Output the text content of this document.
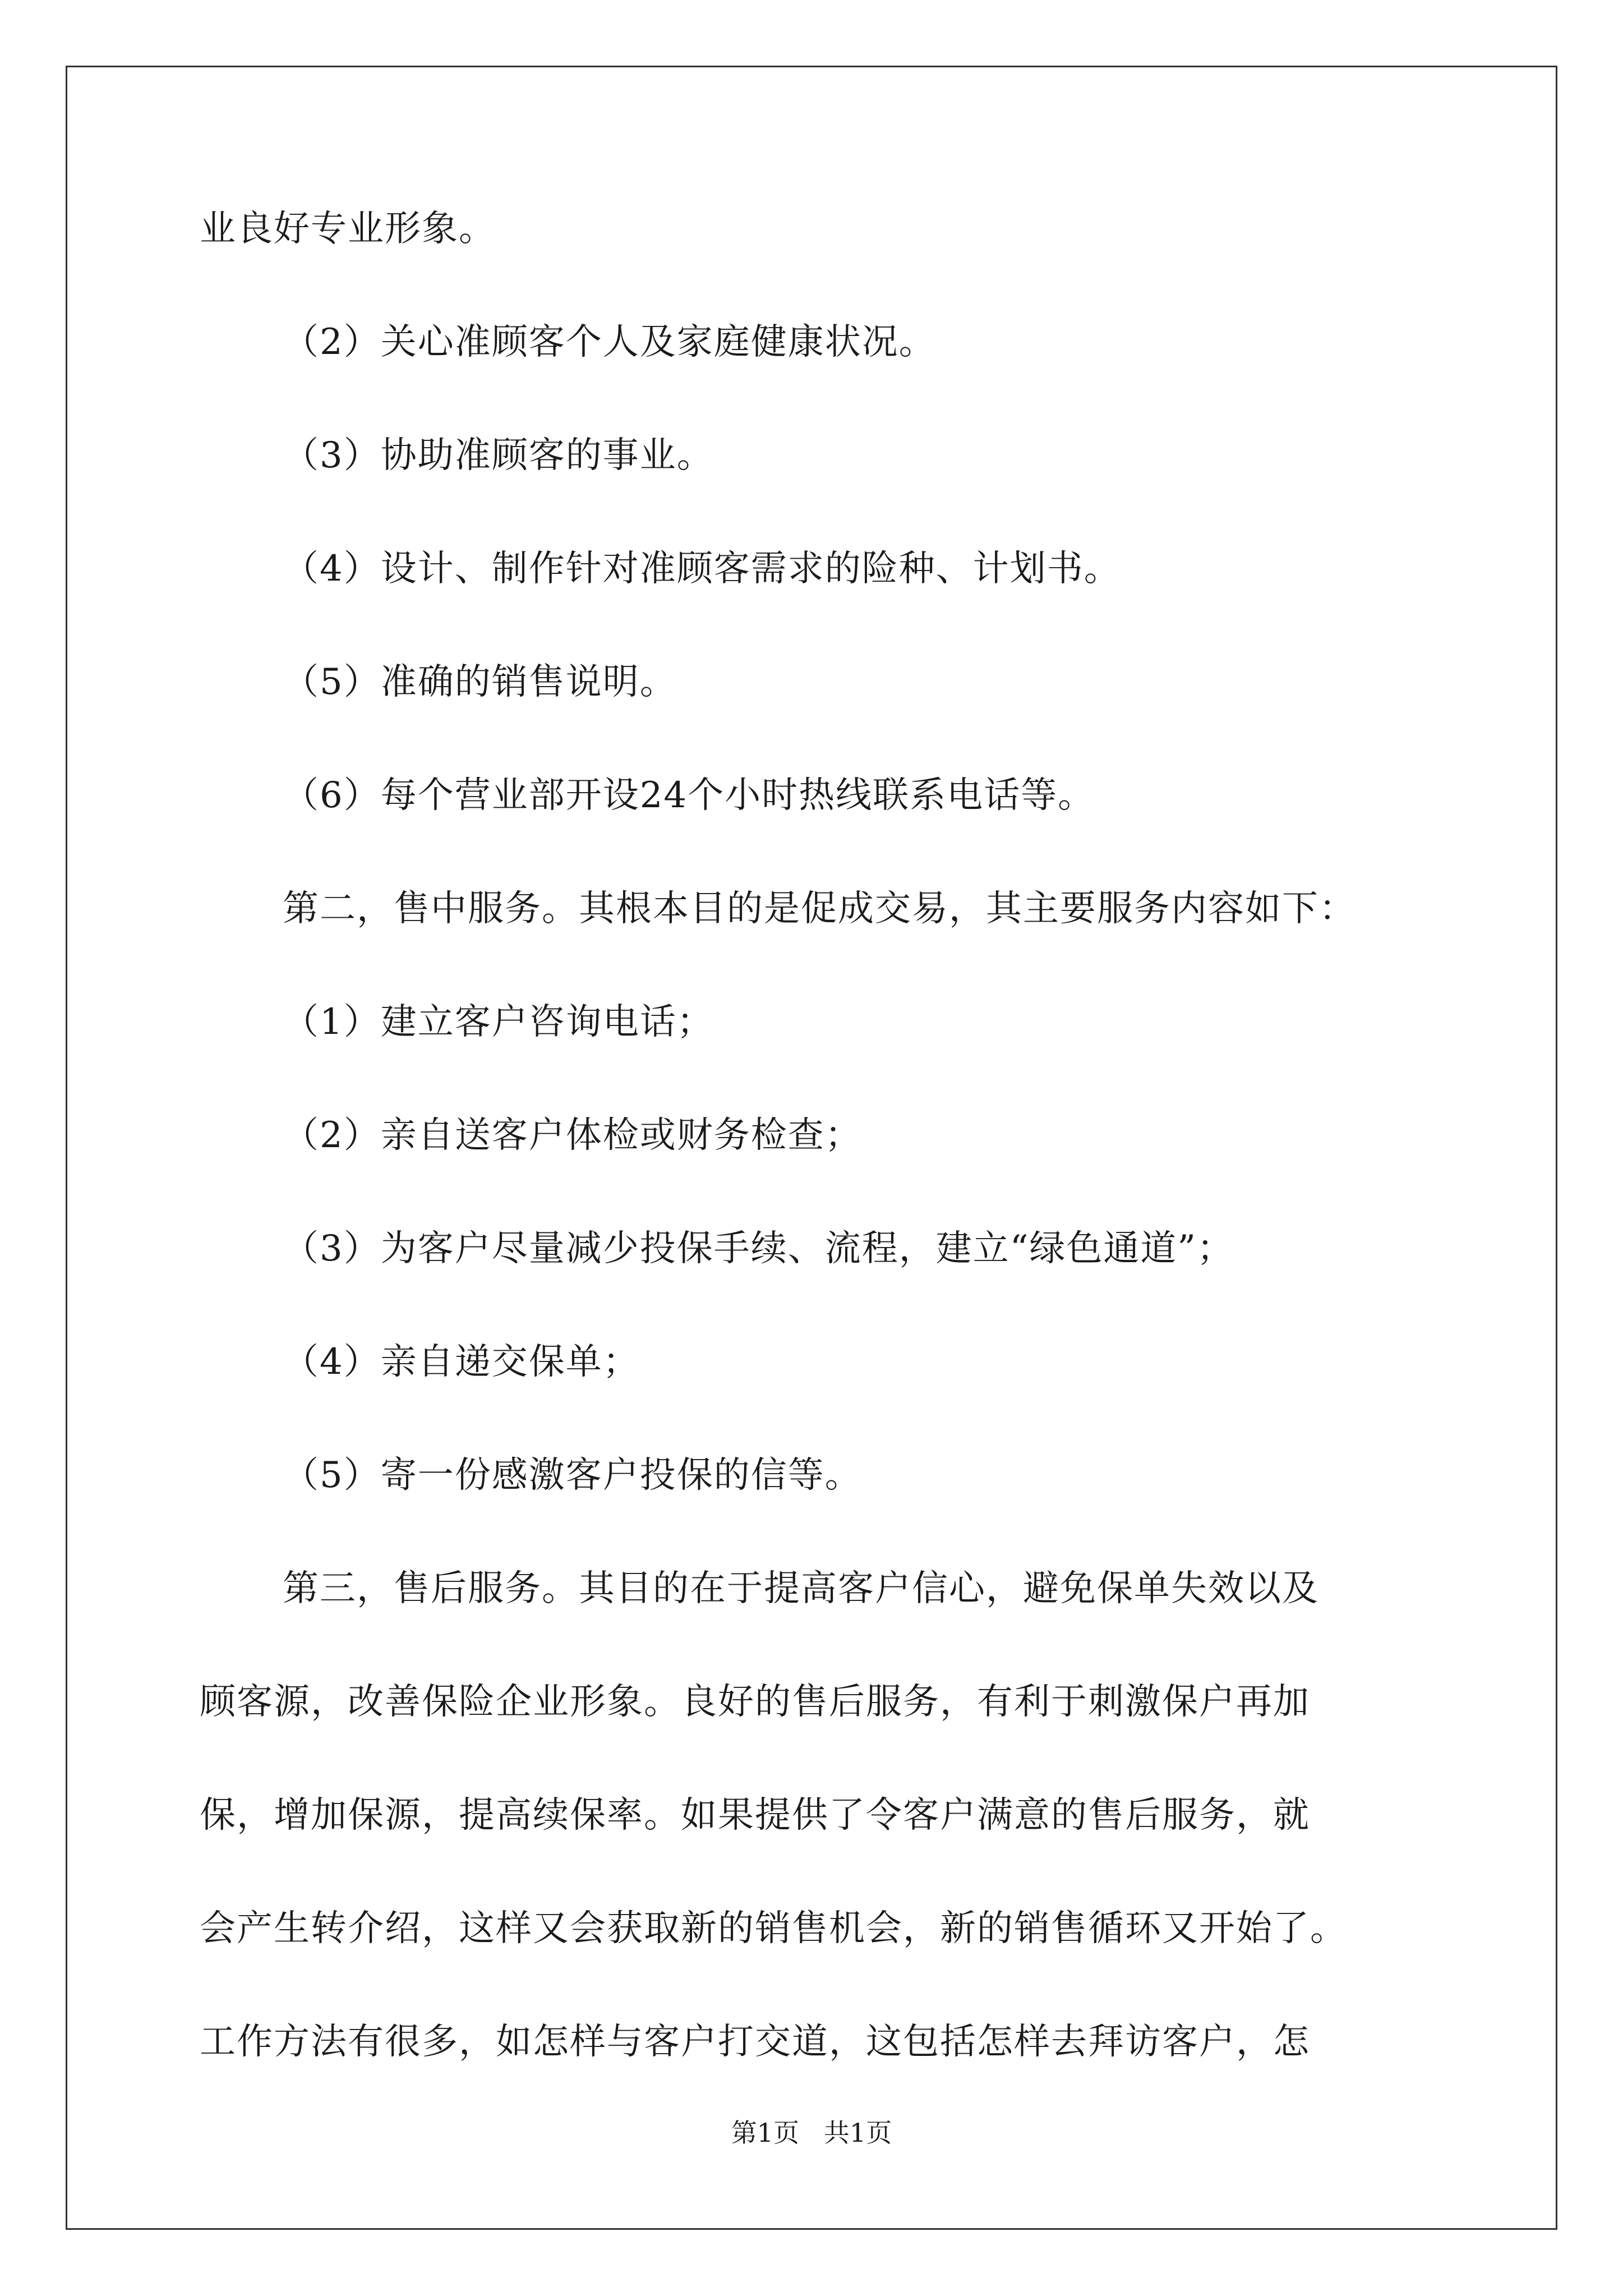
业良好专业形象。
（2）关心准顾客个人及家庭健康状况。
（3）协助准顾客的事业。
（4）设计、制作针对准顾客需求的险种、计划书。
（5）准确的销售说明。
（6）每个营业部开设24个小时热线联系电话等。
第二，售中服务。其根本目的是促成交易，其主要服务内容如下：
（1）建立客户咨询电话；
（2）亲自送客户体检或财务检查；
（3）为客户尽量减少投保手续、流程，建立“绿色通道”；
（4）亲自递交保单；
（5）寄一份感激客户投保的信等。
第三，售后服务。其目的在于提高客户信心，避免保单失效以及
顾客源，改善保险企业形象。良好的售后服务，有利于刺激保户再加
保，增加保源，提高续保率。如果提供了令客户满意的售后服务，就
会产生转介绍，这样又会获取新的销售机会，新的销售循环又开始了。
工作方法有很多，如怎样与客户打交道，这包括怎样去拜访客户，怎
第1页   共1页
